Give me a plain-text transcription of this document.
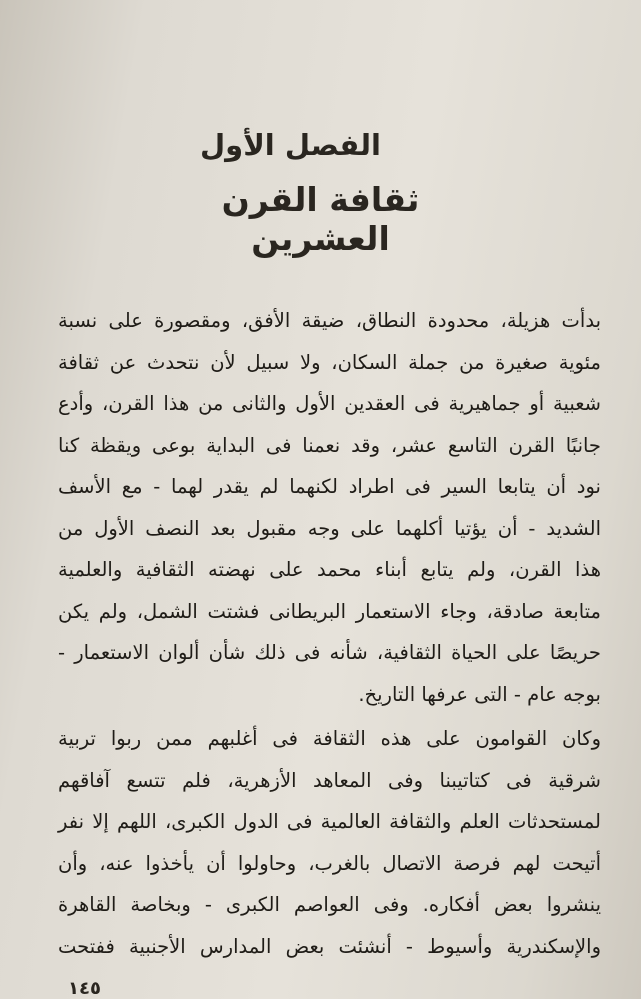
الفصل الأول
ثقافة القرن العشرين
بدأت هزيلة، محدودة النطاق، ضيقة الأفق، ومقصورة على نسبة
مئوية صغيرة من جملة السكان، ولا سبيل لأن نتحدث عن ثقافة
شعبية أو جماهيرية فى العقدين الأول والثانى من هذا القرن، وأدع
جانبًا القرن التاسع عشر، وقد نعمنا فى البداية بوعى ويقظة كنا
نود أن يتابعا السير فى اطراد لكنهما لم يقدر لهما - مع الأسف
الشديد - أن يؤتيا أكلهما على وجه مقبول بعد النصف الأول من
هذا القرن، ولم يتابع أبناء محمد على نهضته الثقافية والعلمية
متابعة صادقة، وجاء الاستعمار البريطانى فشتت الشمل، ولم يكن
حريصًا على الحياة الثقافية، شأنه فى ذلك شأن ألوان الاستعمار -
بوجه عام - التى عرفها التاريخ.
وكان القوامون على هذه الثقافة فى أغلبهم ممن ربوا تربية
شرقية فى كتاتيبنا وفى المعاهد الأزهرية، فلم تتسع آفاقهم
لمستحدثات العلم والثقافة العالمية فى الدول الكبرى، اللهم إلا نفر
أتيحت لهم فرصة الاتصال بالغرب، وحاولوا أن يأخذوا عنه، وأن
ينشروا بعض أفكاره. وفى العواصم الكبرى - وبخاصة القاهرة
والإسكندرية وأسيوط - أنشئت بعض المدارس الأجنبية ففتحت
١٤٥
